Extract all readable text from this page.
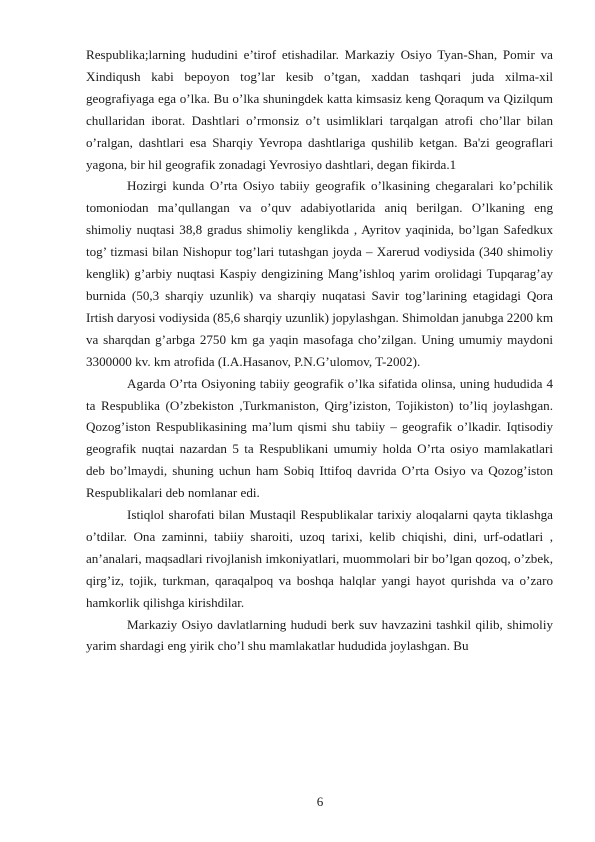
Respublika;larning hududini e’tirof etishadilar. Markaziy Osiyo Tyan-Shan, Pomir va Xindiqush kabi bepoyon tog’lar kesib o’tgan, xaddan tashqari juda xilma-xil geografiyaga ega o’lka. Bu o’lka shuningdek katta kimsasiz keng Qoraqum va Qizilqum chullaridan iborat. Dashtlari o’rmonsiz o’t usimliklari tarqalgan atrofi cho’llar bilan o’ralgan, dashtlari esa Sharqiy Yevropa dashtlariga qushilib ketgan. Ba'zi geograflari yagona, bir hil geografik zonadagi Yevrosiyo dashtlari, degan fikirda.1

Hozirgi kunda O’rta Osiyo tabiiy geografik o’lkasining chegaralari ko’pchilik tomoniodan ma’qullangan va o’quv adabiyotlarida aniq berilgan. O’lkaning eng shimoliy nuqtasi 38,8 gradus shimoliy kenglikda , Ayritov yaqinida, bo’lgan Safedkux tog’ tizmasi bilan Nishopur tog’lari tutashgan joyda – Xarerud vodiysida (340 shimoliy kenglik) g’arbiy nuqtasi Kaspiy dengizining Mang’ishloq yarim orolidagi Tupqarag’ay burnida (50,3 sharqiy uzunlik) va sharqiy nuqatasi Savir tog’larining etagidagi Qora Irtish daryosi vodiysida (85,6 sharqiy uzunlik) jopylashgan. Shimoldan janubga 2200 km va sharqdan g’arbga 2750 km ga yaqin masofaga cho’zilgan. Uning umumiy maydoni 3300000 kv. km atrofida (I.A.Hasanov, P.N.G’ulomov, T-2002).

Agarda O’rta Osiyoning tabiiy geografik o’lka sifatida olinsa, uning hududida 4 ta Respublika (O’zbekiston ,Turkmaniston, Qirg’iziston, Tojikiston) to’liq joylashgan. Qozog’iston Respublikasining ma’lum qismi shu tabiiy – geografik o’lkadir. Iqtisodiy geografik nuqtai nazardan 5 ta Respublikani umumiy holda O’rta osiyo mamlakatlari deb bo’lmaydi, shuning uchun ham Sobiq Ittifoq davrida O’rta Osiyo va Qozog’iston Respublikalari deb nomlanar edi.

Istiqlol sharofati bilan Mustaqil Respublikalar tarixiy aloqalarni qayta tiklashga o’tdilar. Ona zaminni, tabiiy sharoiti, uzoq tarixi, kelib chiqishi, dini, urf-odatlari , an’analari, maqsadlari rivojlanish imkoniyatlari, muommolari bir bo’lgan qozoq, o’zbek, qirg’iz, tojik, turkman, qaraqalpoq va boshqa halqlar yangi hayot qurishda va o’zaro hamkorlik qilishga kirishdilar.

Markaziy Osiyo davlatlarning hududi berk suv havzazini tashkil qilib, shimoliy yarim shardagi eng yirik cho’l shu mamlakatlar hududida joylashgan. Bu

6
